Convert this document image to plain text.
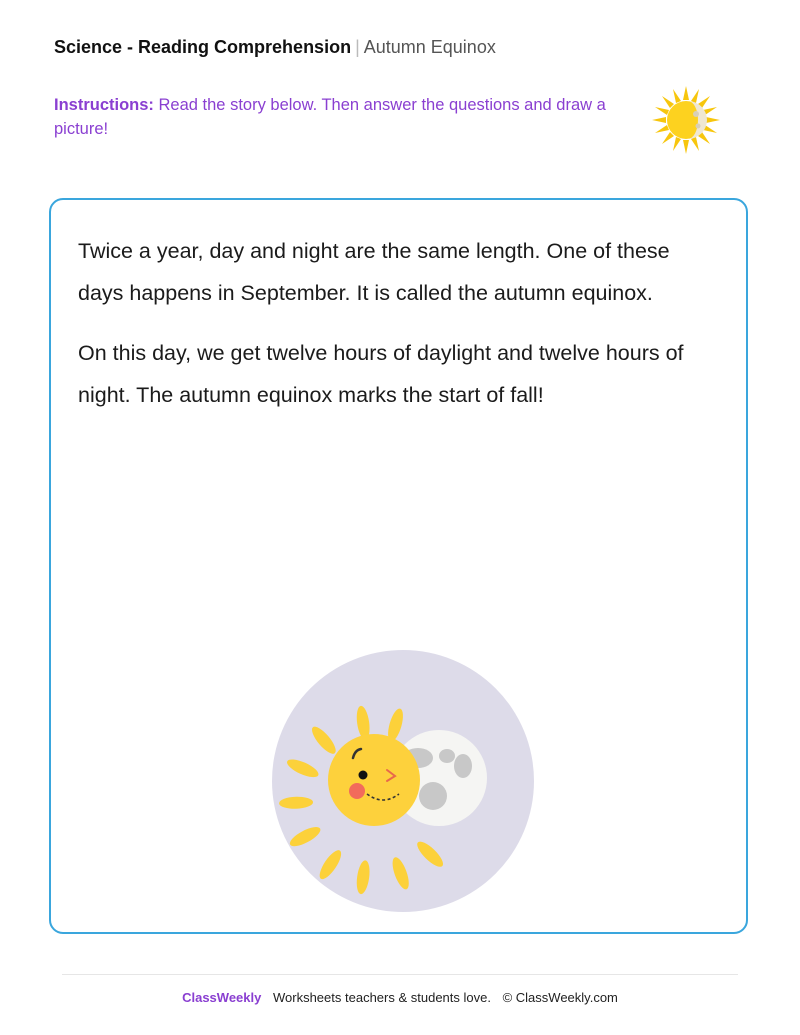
Science - Reading Comprehension | Autumn Equinox
Instructions: Read the story below. Then answer the questions and draw a picture!

Twice a year, day and night are the same length. One of these days happens in September. It is called the autumn equinox.

On this day, we get twelve hours of daylight and twelve hours of night. The autumn equinox marks the start of fall!

ClassWeekly Worksheets teachers & students love. © ClassWeekly.com
